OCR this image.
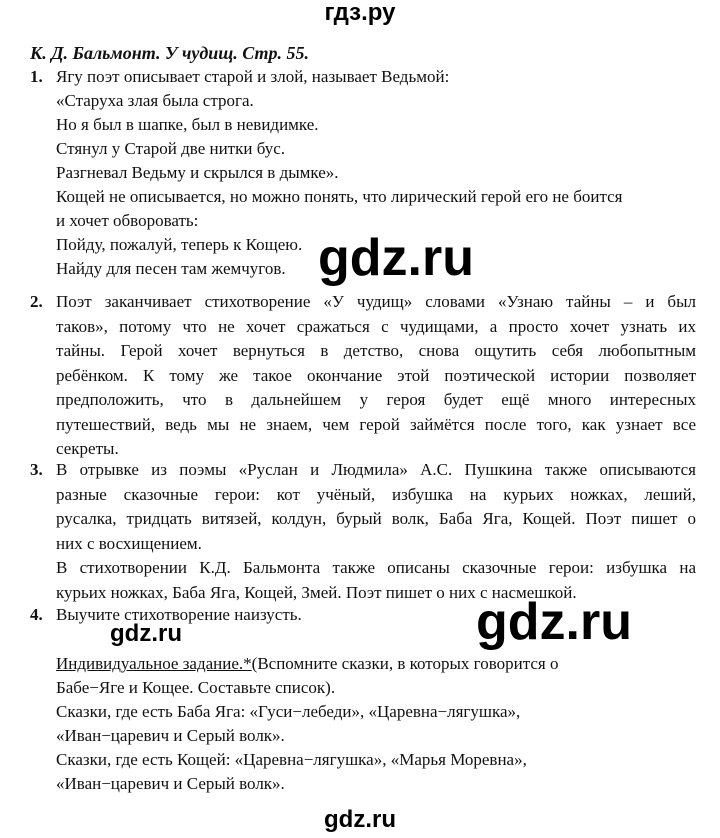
гдз.ру
gdz.ru
gdz.ru
gdz.ru
gdz.ru
К. Д. Бальмонт. У чудищ. Стр. 55.
1. Ягу поэт описывает старой и злой, называет Ведьмой:
«Старуха злая была строга.
Но я был в шапке, был в невидимке.
Стянул у Старой две нитки бус.
Разгневал Ведьму и скрылся в дымке».
Кощей не описывается, но можно понять, что лирический герой его не боится
и хочет обворовать:
Пойду, пожалуй, теперь к Кощею.
Найду для песен там жемчугов.
2. Поэт заканчивает стихотворение «У чудищ» словами «Узнаю тайны – и был
таков», потому что не хочет сражаться с чудищами, а просто хочет узнать их
тайны. Герой хочет вернуться в детство, снова ощутить себя любопытным
ребёнком. К тому же такое окончание этой поэтической истории позволяет
предположить, что в дальнейшем у героя будет ещё много интересных
путешествий, ведь мы не знаем, чем герой займётся после того, как узнает все
секреты.
3. В отрывке из поэмы «Руслан и Людмила» А.С. Пушкина также описываются
разные сказочные герои: кот учёный, избушка на курьих ножках, леший,
русалка, тридцать витязей, колдун, бурый волк, Баба Яга, Кощей. Поэт пишет о
них с восхищением.
В стихотворении К.Д. Бальмонта также описаны сказочные герои: избушка на
курьих ножках, Баба Яга, Кощей, Змей. Поэт пишет о них с насмешкой.
4. Выучите стихотворение наизусть.
Индивидуальное задание.*(Вспомните сказки, в которых говорится о
Бабе−Яге и Кощее. Составьте список).
Сказки, где есть Баба Яга: «Гуси−лебеди», «Царевна−лягушка»,
«Иван−царевич и Серый волк».
Сказки, где есть Кощей: «Царевна−лягушка», «Марья Моревна»,
«Иван−царевич и Серый волк».
